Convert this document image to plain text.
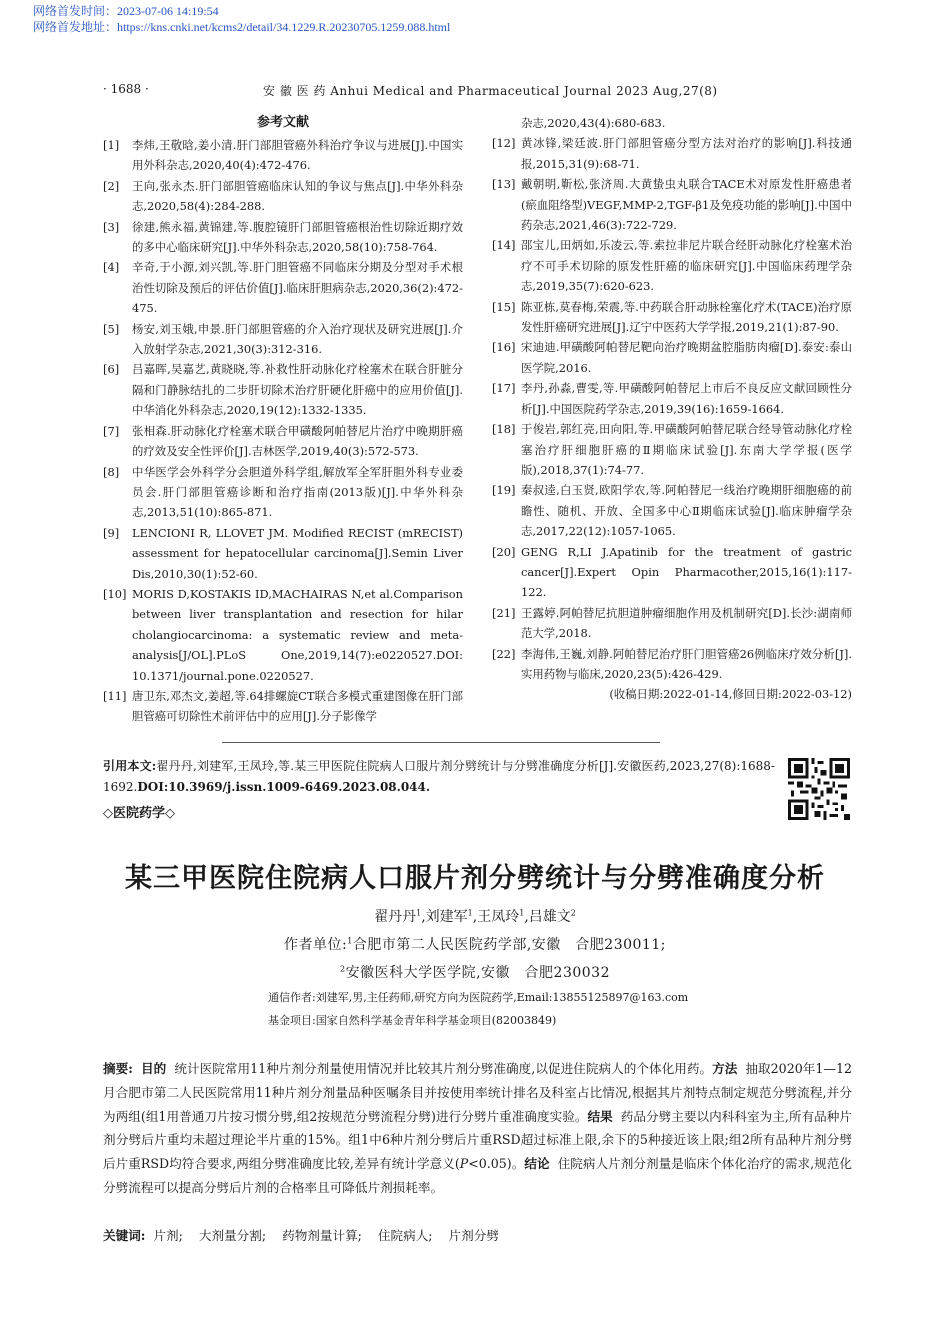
网络首发时间：2023-07-06 14:19:54
网络首发地址：https://kns.cnki.net/kcms2/detail/34.1229.R.20230705.1259.088.html
· 1688 ·	安 徽 医 药 Anhui Medical and Pharmaceutical Journal 2023 Aug,27(8)
参考文献
[1] 李炜,王敬晗,姜小清.肝门部胆管癌外科治疗争议与进展[J].中国实用外科杂志,2020,40(4):472-476.
[2] 王向,张永杰.肝门部胆管癌临床认知的争议与焦点[J].中华外科杂志,2020,58(4):284-288.
[3] 徐建,熊永福,黄锦建,等.腹腔镜肝门部胆管癌根治性切除近期疗效的多中心临床研究[J].中华外科杂志,2020,58(10):758-764.
[4] 辛奇,于小源,刘兴凯,等.肝门胆管癌不同临床分期及分型对手术根治性切除及预后的评估价值[J].临床肝胆病杂志,2020,36(2):472-475.
[5] 杨安,刘玉娥,申景.肝门部胆管癌的介入治疗现状及研究进展[J].介入放射学杂志,2021,30(3):312-316.
[6] 吕嘉晖,吴嘉艺,黄晓晓,等.补救性肝动脉化疗栓塞术在联合肝脏分隔和门静脉结扎的二步肝切除术治疗肝硬化肝癌中的应用价值[J].中华消化外科杂志,2020,19(12):1332-1335.
[7] 张相森.肝动脉化疗栓塞术联合甲磺酸阿帕替尼片治疗中晚期肝癌的疗效及安全性评价[J].吉林医学,2019,40(3):572-573.
[8] 中华医学会外科学分会胆道外科学组,解放军全军肝胆外科专业委员会.肝门部胆管癌诊断和治疗指南(2013版)[J].中华外科杂志,2013,51(10):865-871.
[9] LENCIONI R, LLOVET JM. Modified RECIST (mRECIST) assessment for hepatocellular carcinoma[J].Semin Liver Dis,2010,30(1):52-60.
[10] MORIS D,KOSTAKIS ID,MACHAIRAS N,et al.Comparison between liver transplantation and resection for hilar cholangiocarcinoma: a systematic review and meta-analysis[J/OL].PLoS One,2019,14(7):e0220527.DOI: 10.1371/journal.pone.0220527.
[11] 唐卫东,邓杰文,姜超,等.64排螺旋CT联合多模式重建图像在肝门部胆管癌可切除性术前评估中的应用[J].分子影像学
杂志,2020,43(4):680-683.
[12] 黄冰锋,梁廷波.肝门部胆管癌分型方法对治疗的影响[J].科技通报,2015,31(9):68-71.
[13] 戴朝明,靳松,张济周.大黄蛰虫丸联合TACE术对原发性肝癌患者(瘀血阻络型)VEGF,MMP-2,TGF-β1及免疫功能的影响[J].中国中药杂志,2021,46(3):722-729.
[14] 邵宝儿,田炳如,乐凌云,等.索拉非尼片联合经肝动脉化疗栓塞术治疗不可手术切除的原发性肝癌的临床研究[J].中国临床药理学杂志,2019,35(7):620-623.
[15] 陈亚栋,莫春梅,荣震,等.中药联合肝动脉栓塞化疗术(TACE)治疗原发性肝癌研究进展[J].辽宁中医药大学学报,2019,21(1):87-90.
[16] 宋迪迪.甲磺酸阿帕替尼靶向治疗晚期盆腔脂肪肉瘤[D].泰安:泰山医学院,2016.
[17] 李丹,孙淼,曹雯,等.甲磺酸阿帕替尼上市后不良反应文献回顾性分析[J].中国医院药学杂志,2019,39(16):1659-1664.
[18] 于俊岩,郭红亮,田向阳,等.甲磺酸阿帕替尼联合经导管动脉化疗栓塞治疗肝细胞肝癌的Ⅱ期临床试验[J].东南大学学报(医学版),2018,37(1):74-77.
[19] 秦叔逵,白玉贤,欧阳学农,等.阿帕替尼一线治疗晚期肝细胞癌的前瞻性、随机、开放、全国多中心Ⅱ期临床试验[J].临床肿瘤学杂志,2017,22(12):1057-1065.
[20] GENG R,LI J.Apatinib for the treatment of gastric cancer[J].Expert Opin Pharmacother,2015,16(1):117-122.
[21] 王露婷.阿帕替尼抗胆道肿瘤细胞作用及机制研究[D].长沙:湖南师范大学,2018.
[22] 李海伟,王巍,刘静.阿帕替尼治疗肝门胆管癌26例临床疗效分析[J].实用药物与临床,2020,23(5):426-429.
(收稿日期:2022-01-14,修回日期:2022-03-12)
引用本文:翟丹丹,刘建军,王凤玲,等.某三甲医院住院病人口服片剂分劈统计与分劈准确度分析[J].安徽医药,2023,27(8):1688-1692.DOI:10.3969/j.issn.1009-6469.2023.08.044.
◇医院药学◇
某三甲医院住院病人口服片剂分劈统计与分劈准确度分析
翟丹丹$^1$,刘建军$^1$,王凤玲$^1$,吕雄文$^2$
作者单位:$^1$合肥市第二人民医院药学部,安徽　合肥230011;
$^2$安徽医科大学医学院,安徽　合肥230032
通信作者:刘建军,男,主任药师,研究方向为医院药学,Email:13855125897@163.com
基金项目:国家自然科学基金青年科学基金项目(82003849)
摘要: 目的 统计医院常用11种片剂分剂量使用情况并比较其片剂分劈准确度,以促进住院病人的个体化用药。方法 抽取2020年1—12月合肥市第二人民医院常用11种片剂分剂量品种医嘱条目并按使用率统计排名及科室占比情况,根据其片剂特点制定规范分劈流程,并分为两组(组1用普通刀片按习惯分劈,组2按规范分劈流程分劈)进行分劈片重准确度实验。结果 药品分劈主要以内科科室为主,所有品种片剂分劈后片重均未超过理论半片重的15%。组1中6种片剂分劈后片重RSD超过标准上限,余下的5种接近该上限;组2所有品种片剂分劈后片重RSD均符合要求,两组分劈准确度比较,差异有统计学意义(P<0.05)。结论 住院病人片剂分剂量是临床个体化治疗的需求,规范化分劈流程可以提高分劈后片剂的合格率且可降低片剂损耗率。
关键词: 片剂; 大剂量分割; 药物剂量计算; 住院病人; 片剂分劈
